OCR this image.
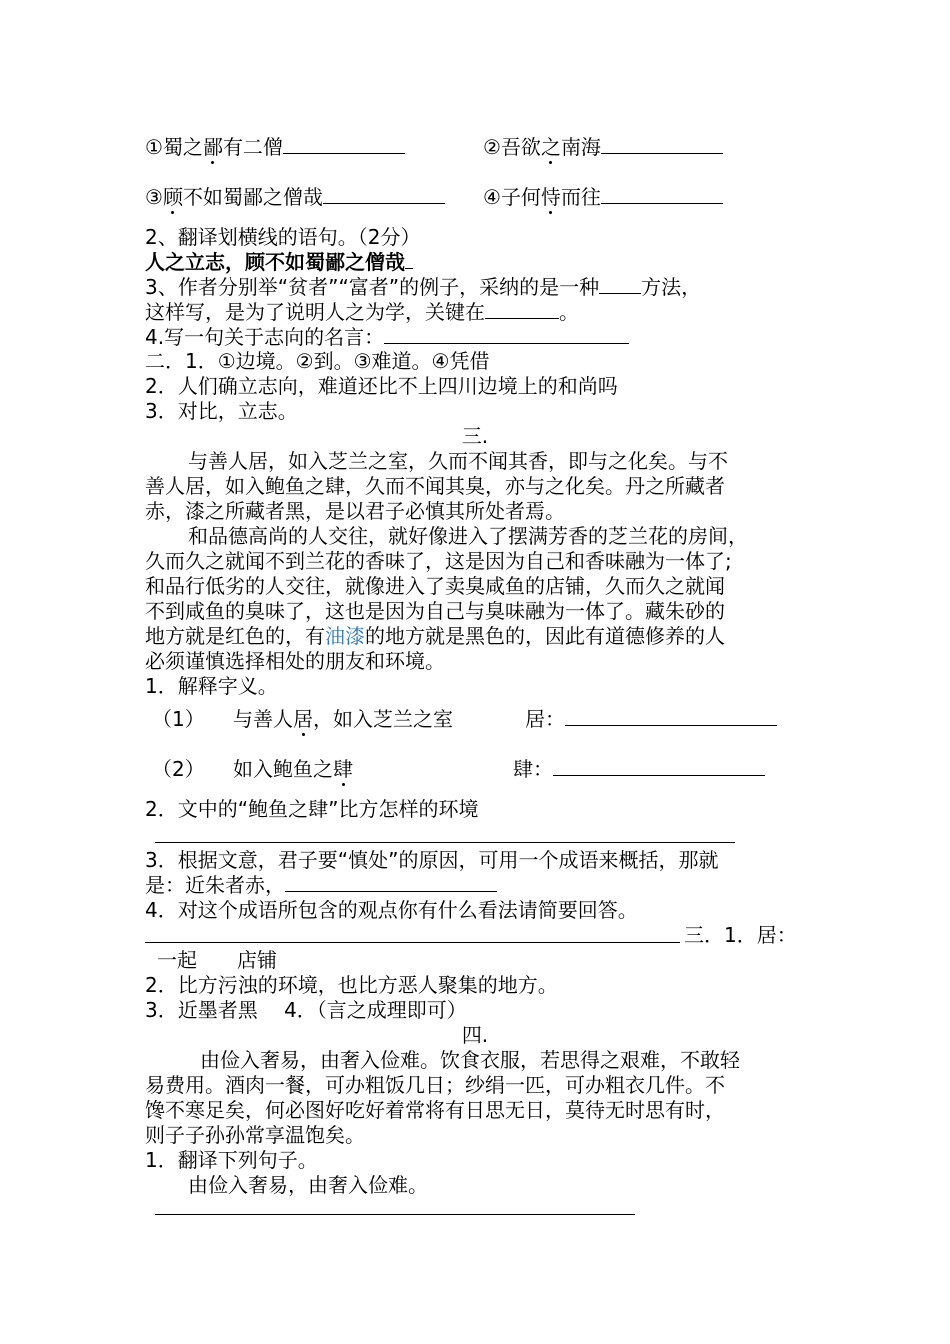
①蜀之鄙有二僧	②吾欲之南海
③顾不如蜀鄙之僧哉	④子何恃而往
2、翻译划横线的语句。（2分）
人之立志，顾不如蜀鄙之僧哉
3、作者分别举“贫者”“富者”的例子，采纳的是一种 方法，
这样写，是为了说明人之为学，关键在	。
4.写一句关于志向的名言：
二．1．①边境。②到。③难道。④凭借
2．人们确立志向，难道还比不上四川边境上的和尚吗
3．对比，立志。
三.
与善人居，如入芝兰之室，久而不闻其香，即与之化矣。与不
善人居，如入鲍鱼之肆，久而不闻其臭，亦与之化矣。丹之所藏者
赤，漆之所藏者黑，是以君子必慎其所处者焉。
和品德高尚的人交往，就好像进入了摆满芳香的芝兰花的房间，
久而久之就闻不到兰花的香味了，这是因为自己和香味融为一体了;
和品行低劣的人交往，就像进入了卖臭咸鱼的店铺，久而久之就闻
不到咸鱼的臭味了，这也是因为自己与臭味融为一体了。藏朱砂的
地方就是红色的，有油漆的地方就是黑色的，因此有道德修养的人
必须谨慎选择相处的朋友和环境。
1．解释字义。
（1） 与善人居，如入芝兰之室	居：
（2） 如入鲍鱼之肆	肆：
2．文中的“鲍鱼之肆”比方怎样的环境
3．根据文意，君子要“慎处”的原因，可用一个成语来概括，那就
是：近朱者赤，
4．对这个成语所包含的观点你有什么看法请简要回答。
三．1．居：
一起　　店铺
2．比方污浊的环境，也比方恶人聚集的地方。
3．近墨者黑　 4．（言之成理即可）
四.
由俭入奢易，由奢入俭难。饮食衣服，若思得之艰难，不敢轻
易费用。酒肉一餐，可办粗饭几日；纱绢一匹，可办粗衣几件。不
馋不寒足矣，何必图好吃好着常将有日思无日，莫待无时思有时，
则子子孙孙常享温饱矣。
1．翻译下列句子。
由俭入奢易，由奢入俭难。
